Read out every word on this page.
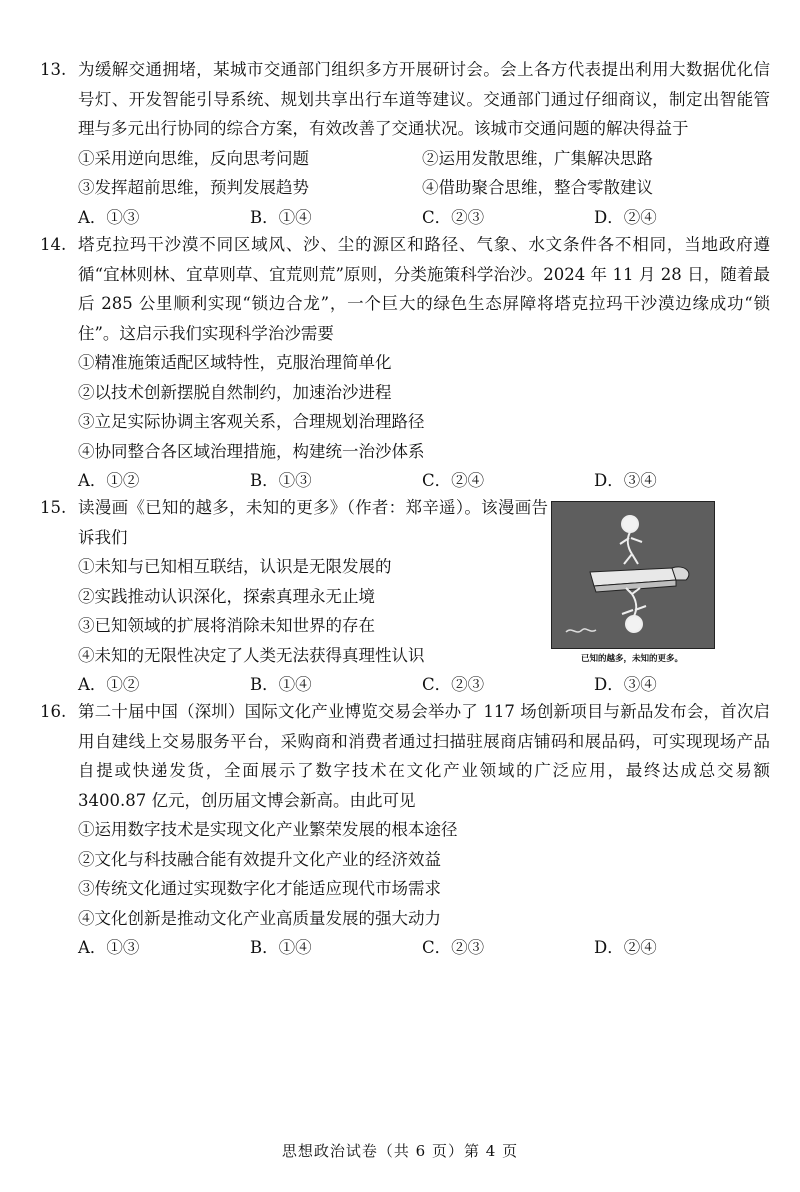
13. 为缓解交通拥堵，某城市交通部门组织多方开展研讨会。会上各方代表提出利用大数据优化信号灯、开发智能引导系统、规划共享出行车道等建议。交通部门通过仔细商议，制定出智能管理与多元出行协同的综合方案，有效改善了交通状况。该城市交通问题的解决得益于
①采用逆向思维，反向思考问题	②运用发散思维，广集解决思路
③发挥超前思维，预判发展趋势	④借助聚合思维，整合零散建议
A．①③	B．①④	C．②③	D．②④
14. 塔克拉玛干沙漠不同区域风、沙、尘的源区和路径、气象、水文条件各不相同，当地政府遵循“宜林则林、宜草则草、宜荒则荒”原则，分类施策科学治沙。2024 年 11 月 28 日，随着最后 285 公里顺利实现“锁边合龙”，一个巨大的绿色生态屏障将塔克拉玛干沙漠边缘成功“锁住”。这启示我们实现科学治沙需要
①精准施策适配区域特性，克服治理简单化
②以技术创新摆脱自然制约，加速治沙进程
③立足实际协调主客观关系，合理规划治理路径
④协同整合各区域治理措施，构建统一治沙体系
A．①②	B．①③	C．②④	D．③④
15. 读漫画《已知的越多，未知的更多》（作者：郑辛遥）。该漫画告诉我们
①未知与已知相互联结，认识是无限发展的
②实践推动认识深化，探索真理永无止境
③已知领域的扩展将消除未知世界的存在
④未知的无限性决定了人类无法获得真理性认识
A．①②	B．①④	C．②③	D．③④
已知的越多，未知的更多。
16. 第二十届中国（深圳）国际文化产业博览交易会举办了 117 场创新项目与新品发布会，首次启用自建线上交易服务平台，采购商和消费者通过扫描驻展商店铺码和展品码，可实现现场产品自提或快递发货，全面展示了数字技术在文化产业领域的广泛应用，最终达成总交易额 3400.87 亿元，创历届文博会新高。由此可见
①运用数字技术是实现文化产业繁荣发展的根本途径
②文化与科技融合能有效提升文化产业的经济效益
③传统文化通过实现数字化才能适应现代市场需求
④文化创新是推动文化产业高质量发展的强大动力
A．①③	B．①④	C．②③	D．②④
思想政治试卷（共 6 页）第 4 页
